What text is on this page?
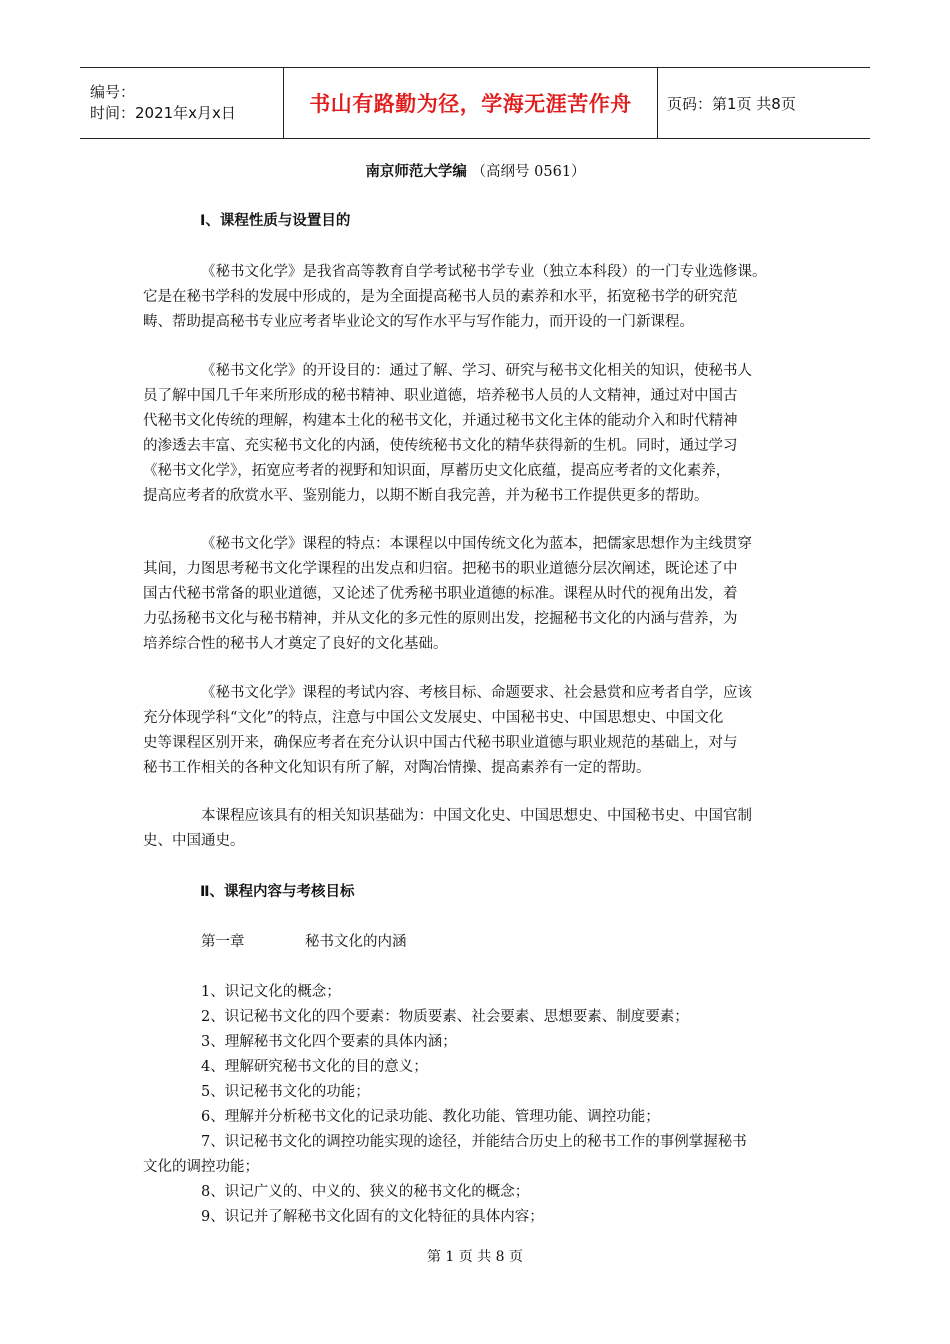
编号：
时间：2021年x月x日	书山有路勤为径，学海无涯苦作舟 页码：第1页 共8页
南京师范大学编 （高纲号 0561）
Ⅰ、课程性质与设置目的
《秘书文化学》是我省高等教育自学考试秘书学专业（独立本科段）的一门专业选修课。
它是在秘书学科的发展中形成的，是为全面提高秘书人员的素养和水平，拓宽秘书学的研究范
畴、帮助提高秘书专业应考者毕业论文的写作水平与写作能力，而开设的一门新课程。
《秘书文化学》的开设目的：通过了解、学习、研究与秘书文化相关的知识，使秘书人
员了解中国几千年来所形成的秘书精神、职业道德，培养秘书人员的人文精神，通过对中国古
代秘书文化传统的理解，构建本土化的秘书文化，并通过秘书文化主体的能动介入和时代精神
的渗透去丰富、充实秘书文化的内涵，使传统秘书文化的精华获得新的生机。同时，通过学习
《秘书文化学》，拓宽应考者的视野和知识面，厚蓄历史文化底蕴，提高应考者的文化素养，
提高应考者的欣赏水平、鉴别能力，以期不断自我完善，并为秘书工作提供更多的帮助。
《秘书文化学》课程的特点：本课程以中国传统文化为蓝本，把儒家思想作为主线贯穿
其间，力图思考秘书文化学课程的出发点和归宿。把秘书的职业道德分层次阐述，既论述了中
国古代秘书常备的职业道德，又论述了优秀秘书职业道德的标准。课程从时代的视角出发，着
力弘扬秘书文化与秘书精神，并从文化的多元性的原则出发，挖掘秘书文化的内涵与营养，为
培养综合性的秘书人才奠定了良好的文化基础。
《秘书文化学》课程的考试内容、考核目标、命题要求、社会悬赏和应考者自学，应该
充分体现学科“文化”的特点，注意与中国公文发展史、中国秘书史、中国思想史、中国文化
史等课程区别开来，确保应考者在充分认识中国古代秘书职业道德与职业规范的基础上，对与
秘书工作相关的各种文化知识有所了解，对陶冶情操、提高素养有一定的帮助。
本课程应该具有的相关知识基础为：中国文化史、中国思想史、中国秘书史、中国官制
史、中国通史。
Ⅱ、课程内容与考核目标
第一章	秘书文化的内涵
1、识记文化的概念；
2、识记秘书文化的四个要素：物质要素、社会要素、思想要素、制度要素；
3、理解秘书文化四个要素的具体内涵；
4、理解研究秘书文化的目的意义；
5、识记秘书文化的功能；
6、理解并分析秘书文化的记录功能、教化功能、管理功能、调控功能；
7、识记秘书文化的调控功能实现的途径，并能结合历史上的秘书工作的事例掌握秘书
文化的调控功能；
8、识记广义的、中义的、狭义的秘书文化的概念；
9、识记并了解秘书文化固有的文化特征的具体内容；
第 1 页 共 8 页
